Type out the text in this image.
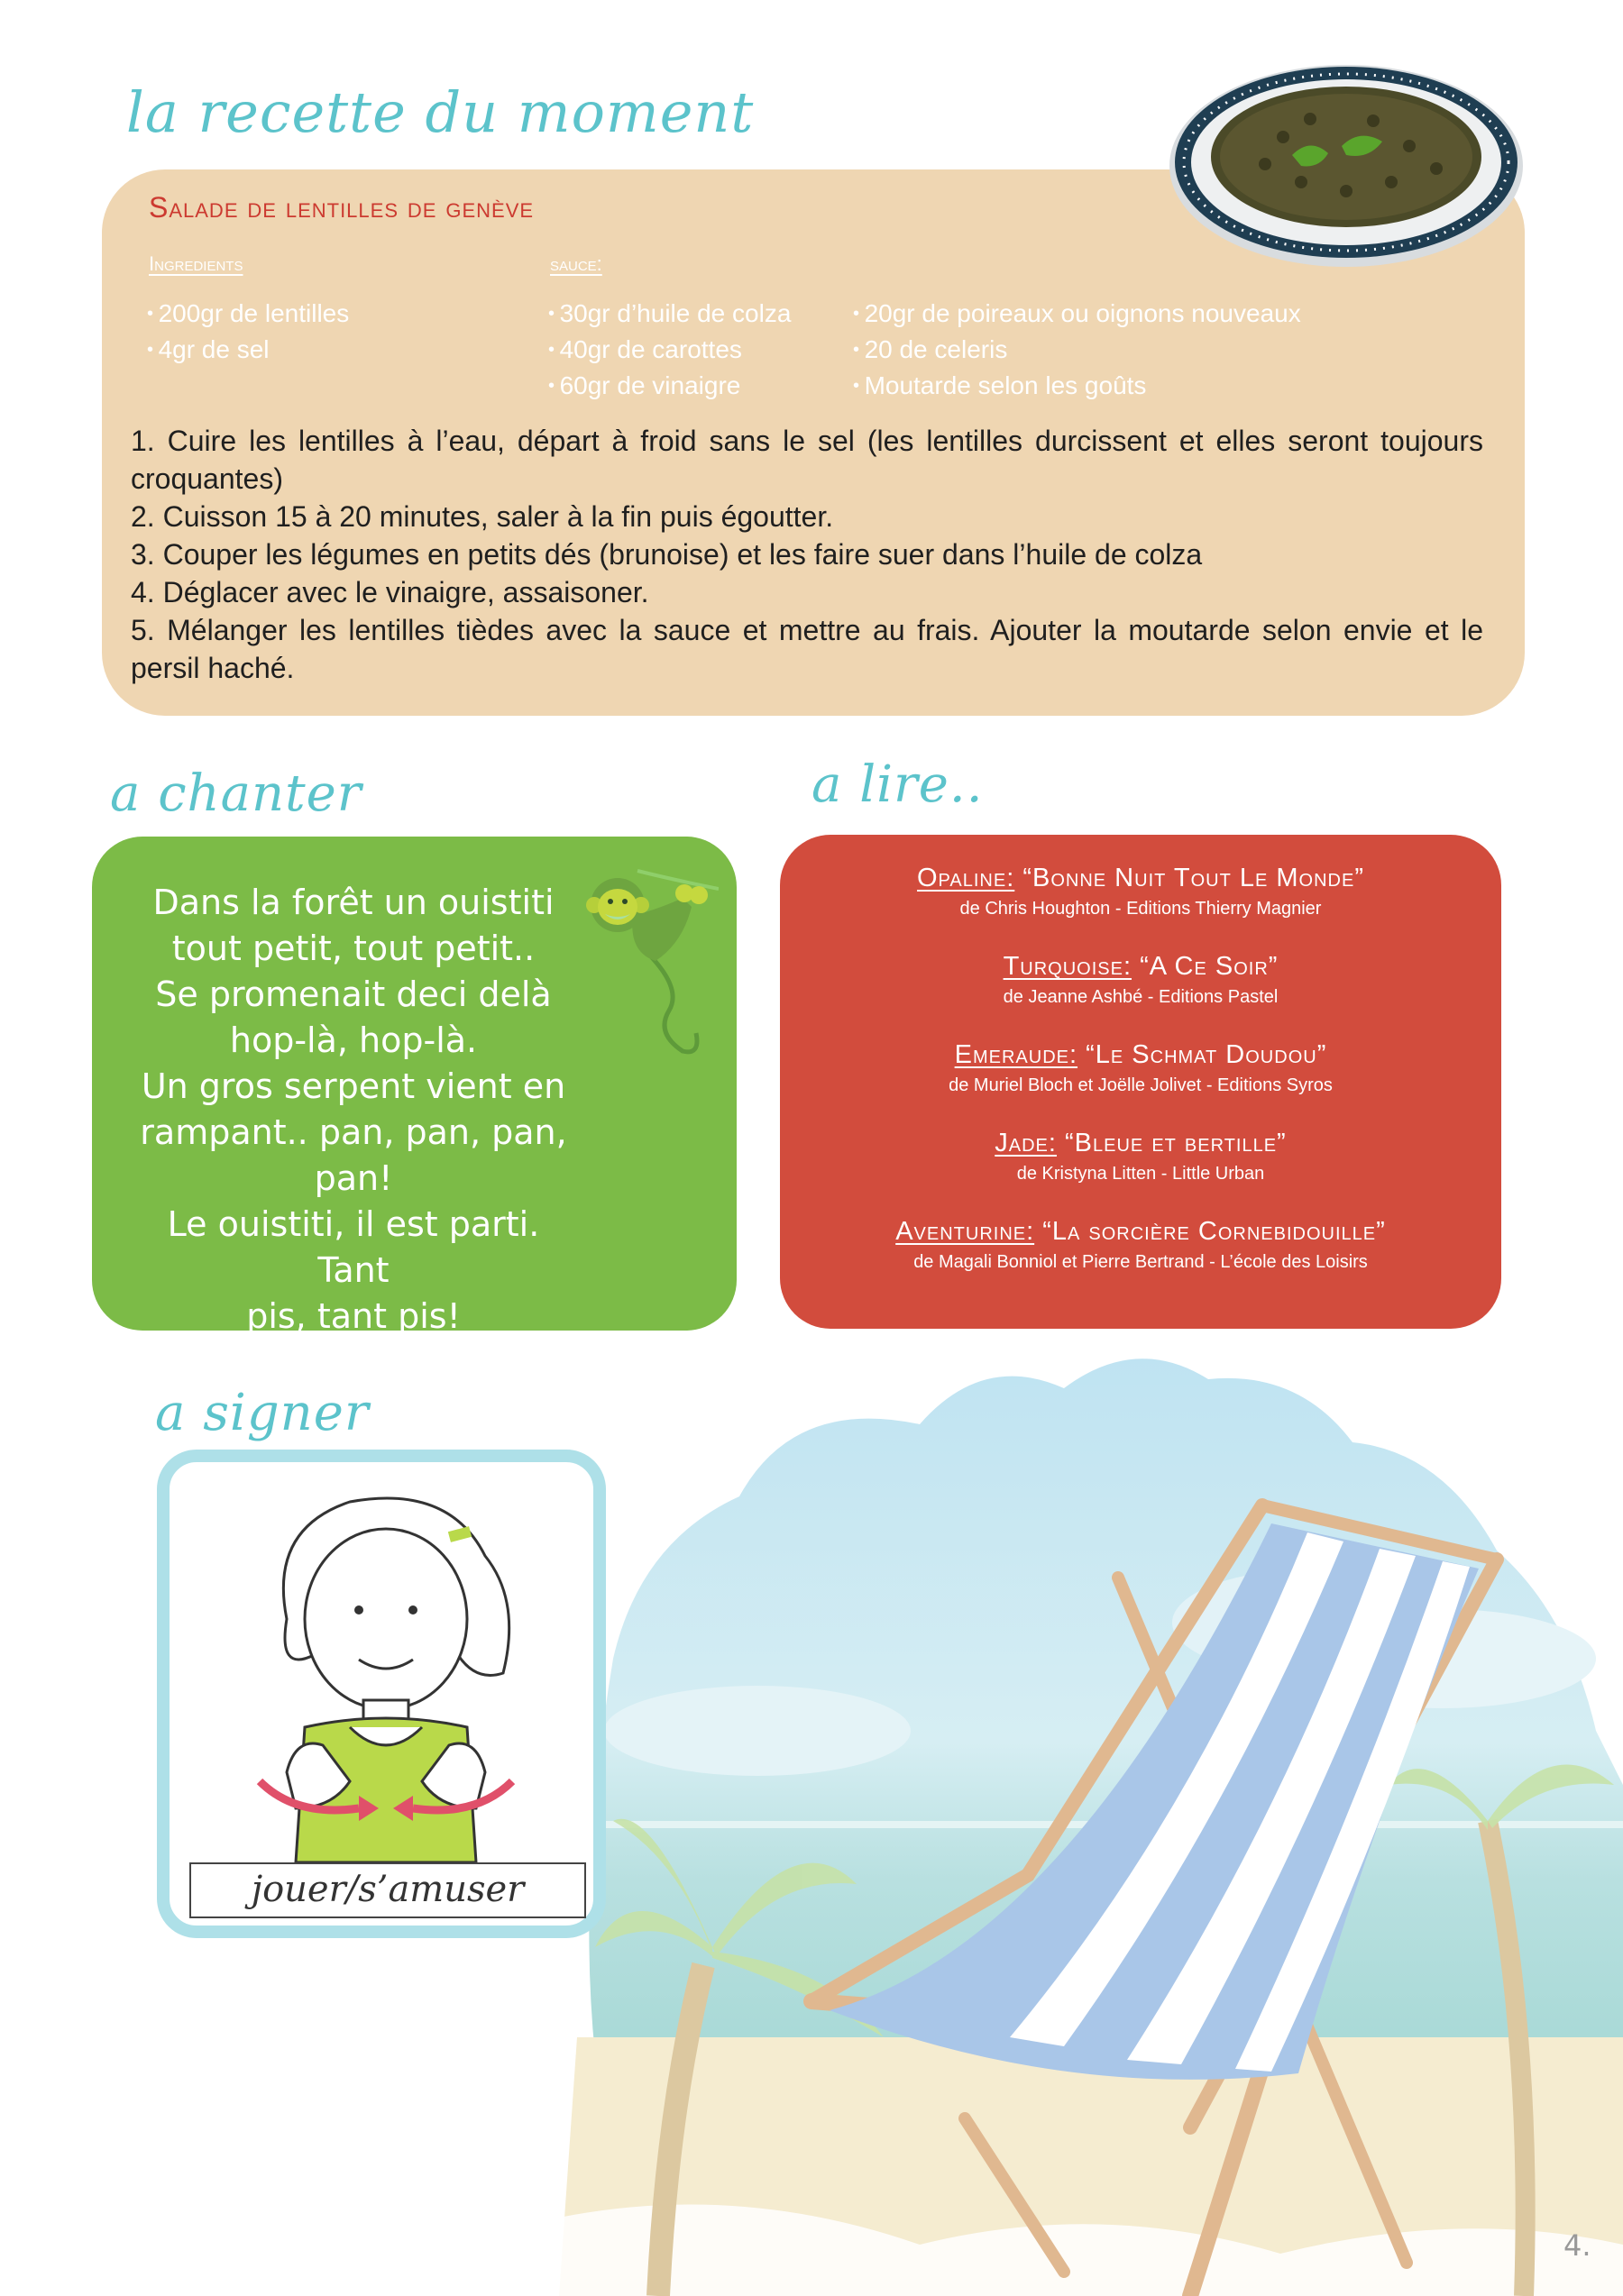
la recette du moment
Salade de lentilles de genève
Ingredients	sauce:
• 200gr de lentilles
• 4gr de sel
• 30gr d’huile de colza
• 40gr de carottes
• 60gr de vinaigre
• 20gr de poireaux ou oignons nouveaux
• 20 de celeris
• Moutarde selon les goûts

1. Cuire les lentilles à l’eau, départ à froid sans le sel (les lentilles durcissent et elles seront toujours croquantes)

2. Cuisson 15 à 20 minutes, saler à la fin puis égoutter.

3. Couper les légumes en petits dés (brunoise) et les faire suer dans l’huile de colza

4. Déglacer avec le vinaigre, assaisoner.

5. Mélanger les lentilles tièdes avec la sauce et mettre au frais. Ajouter la moutarde selon envie et le persil haché.

a chanter

Dans la forêt un ouistiti

tout petit, tout petit..

Se promenait deci delà

hop-là, hop-là.

Un gros serpent vient en

rampant.. pan, pan, pan,

pan!

Le ouistiti, il est parti. Tant

pis, tant pis!

a lire..
Opaline: “Bonne Nuit Tout Le Monde”
de Chris Houghton - Editions Thierry Magnier
Turquoise: “A Ce Soir”
de Jeanne Ashbé - Editions Pastel
Emeraude: “Le Schmat Doudou”
de Muriel Bloch et Joëlle Jolivet - Editions Syros
Jade: “Bleue et bertille”
de Kristyna Litten - Little Urban
Aventurine: “La sorcière Cornebidouille”
de Magali Bonniol et Pierre Bertrand - L’école des Loisirs
a signer
jouer/s’amuser
4.
